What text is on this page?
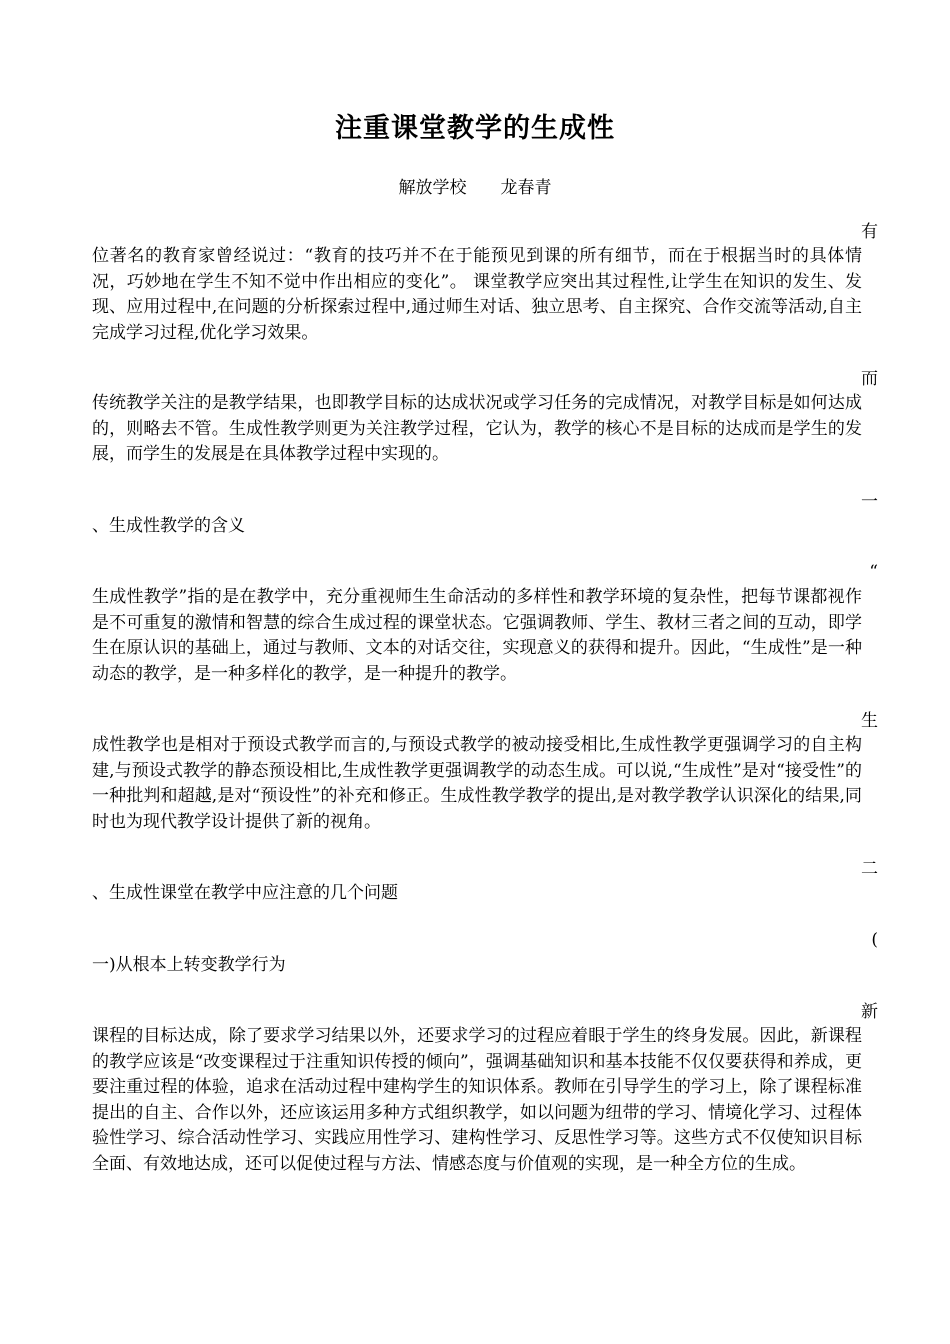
注重课堂教学的生成性
解放学校　　龙春青
有
位著名的教育家曾经说过：“教育的技巧并不在于能预见到课的所有细节，而在于根据当时的具体情况，巧妙地在学生不知不觉中作出相应的变化”。 课堂教学应突出其过程性,让学生在知识的发生、发现、应用过程中,在问题的分析探索过程中,通过师生对话、独立思考、自主探究、合作交流等活动,自主完成学习过程,优化学习效果。
而
传统教学关注的是教学结果，也即教学目标的达成状况或学习任务的完成情况，对教学目标是如何达成的，则略去不管。生成性教学则更为关注教学过程，它认为，教学的核心不是目标的达成而是学生的发展，而学生的发展是在具体教学过程中实现的。
一
、生成性教学的含义
“
生成性教学”指的是在教学中，充分重视师生生命活动的多样性和教学环境的复杂性，把每节课都视作是不可重复的激情和智慧的综合生成过程的课堂状态。它强调教师、学生、教材三者之间的互动，即学生在原认识的基础上，通过与教师、文本的对话交往，实现意义的获得和提升。因此，“生成性”是一种动态的教学，是一种多样化的教学，是一种提升的教学。
生
成性教学也是相对于预设式教学而言的,与预设式教学的被动接受相比,生成性教学更强调学习的自主构建,与预设式教学的静态预设相比,生成性教学更强调教学的动态生成。可以说,“生成性”是对“接受性”的一种批判和超越,是对“预设性”的补充和修正。生成性教学教学的提出,是对教学教学认识深化的结果,同时也为现代教学设计提供了新的视角。
二
、生成性课堂在教学中应注意的几个问题
(
一)从根本上转变教学行为
新
课程的目标达成，除了要求学习结果以外，还要求学习的过程应着眼于学生的终身发展。因此，新课程的教学应该是“改变课程过于注重知识传授的倾向”，强调基础知识和基本技能不仅仅要获得和养成，更要注重过程的体验，追求在活动过程中建构学生的知识体系。教师在引导学生的学习上，除了课程标准提出的自主、合作以外，还应该运用多种方式组织教学，如以问题为纽带的学习、情境化学习、过程体验性学习、综合活动性学习、实践应用性学习、建构性学习、反思性学习等。这些方式不仅使知识目标全面、有效地达成，还可以促使过程与方法、情感态度与价值观的实现，是一种全方位的生成。
